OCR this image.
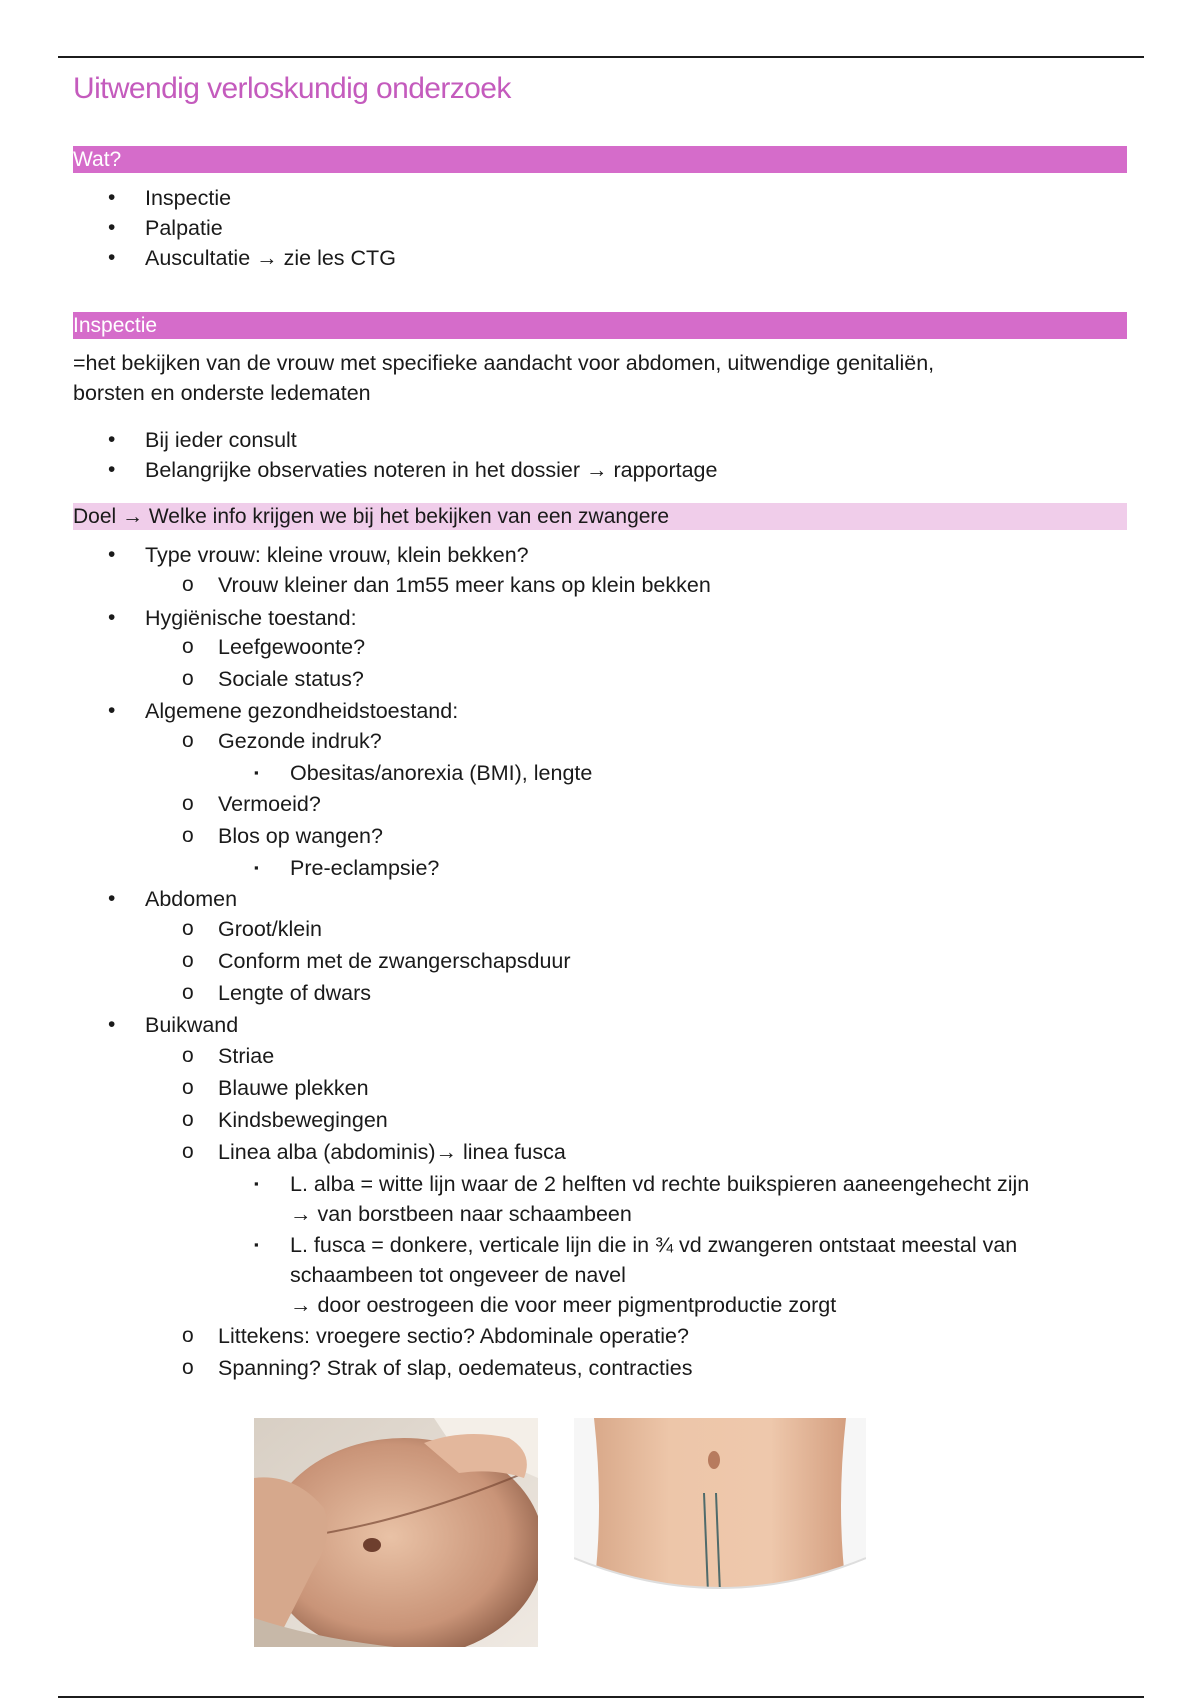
Uitwendig verloskundig onderzoek
Wat?
• Inspectie
• Palpatie
• Auscultatie → zie les CTG
Inspectie
=het bekijken van de vrouw met specifieke aandacht voor abdomen, uitwendige genitaliën,
borsten en onderste ledematen
• Bij ieder consult
• Belangrijke observaties noteren in het dossier → rapportage
Doel → Welke info krijgen we bij het bekijken van een zwangere
• Type vrouw: kleine vrouw, klein bekken?
o Vrouw kleiner dan 1m55 meer kans op klein bekken
• Hygiënische toestand:
o Leefgewoonte?
o Sociale status?
• Algemene gezondheidstoestand:
o Gezonde indruk?
▪ Obesitas/anorexia (BMI), lengte
o Vermoeid?
o Blos op wangen?
▪ Pre-eclampsie?
• Abdomen
o Groot/klein
o Conform met de zwangerschapsduur
o Lengte of dwars
• Buikwand
o Striae
o Blauwe plekken
o Kindsbewegingen
o Linea alba (abdominis)→ linea fusca
▪ L. alba = witte lijn waar de 2 helften vd rechte buikspieren aaneengehecht zijn
→ van borstbeen naar schaambeen
▪ L. fusca = donkere, verticale lijn die in ¾ vd zwangeren ontstaat meestal van
schaambeen tot ongeveer de navel
→ door oestrogeen die voor meer pigmentproductie zorgt
o Littekens: vroegere sectio? Abdominale operatie?
o Spanning? Strak of slap, oedemateus, contracties
